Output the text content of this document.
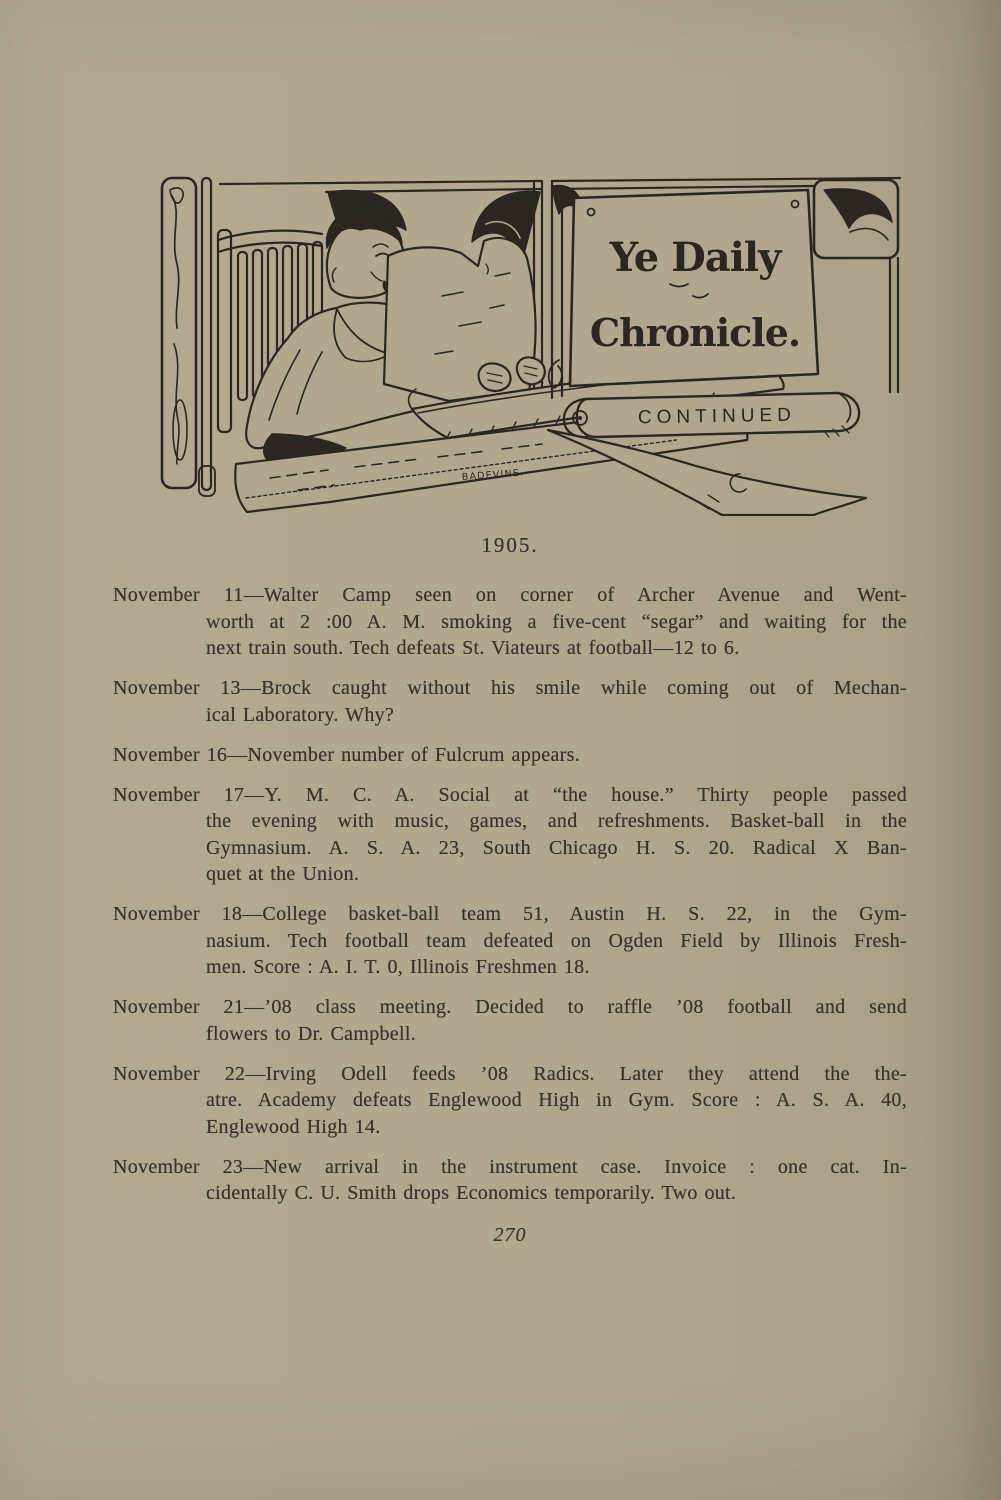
BADEVINE.
Ye Daily
Chronicle.
CONTINUED
1905.
November 11—Walter Camp seen on corner of Archer Avenue and Went-
worth at 2 :00 A. M. smoking a five-cent “segar” and waiting for the
next train south. Tech defeats St. Viateurs at football—12 to 6.
November 13—Brock caught without his smile while coming out of Mechan-
ical Laboratory. Why?
November 16—November number of Fulcrum appears.
November 17—Y. M. C. A. Social at “the house.” Thirty people passed
the evening with music, games, and refreshments. Basket-ball in the
Gymnasium. A. S. A. 23, South Chicago H. S. 20. Radical X Ban-
quet at the Union.
November 18—College basket-ball team 51, Austin H. S. 22, in the Gym-
nasium. Tech football team defeated on Ogden Field by Illinois Fresh-
men. Score : A. I. T. 0, Illinois Freshmen 18.
November 21—’08 class meeting. Decided to raffle ’08 football and send
flowers to Dr. Campbell.
November 22—Irving Odell feeds ’08 Radics. Later they attend the the-
atre. Academy defeats Englewood High in Gym. Score : A. S. A. 40,
Englewood High 14.
November 23—New arrival in the instrument case. Invoice : one cat. In-
cidentally C. U. Smith drops Economics temporarily. Two out.
270
